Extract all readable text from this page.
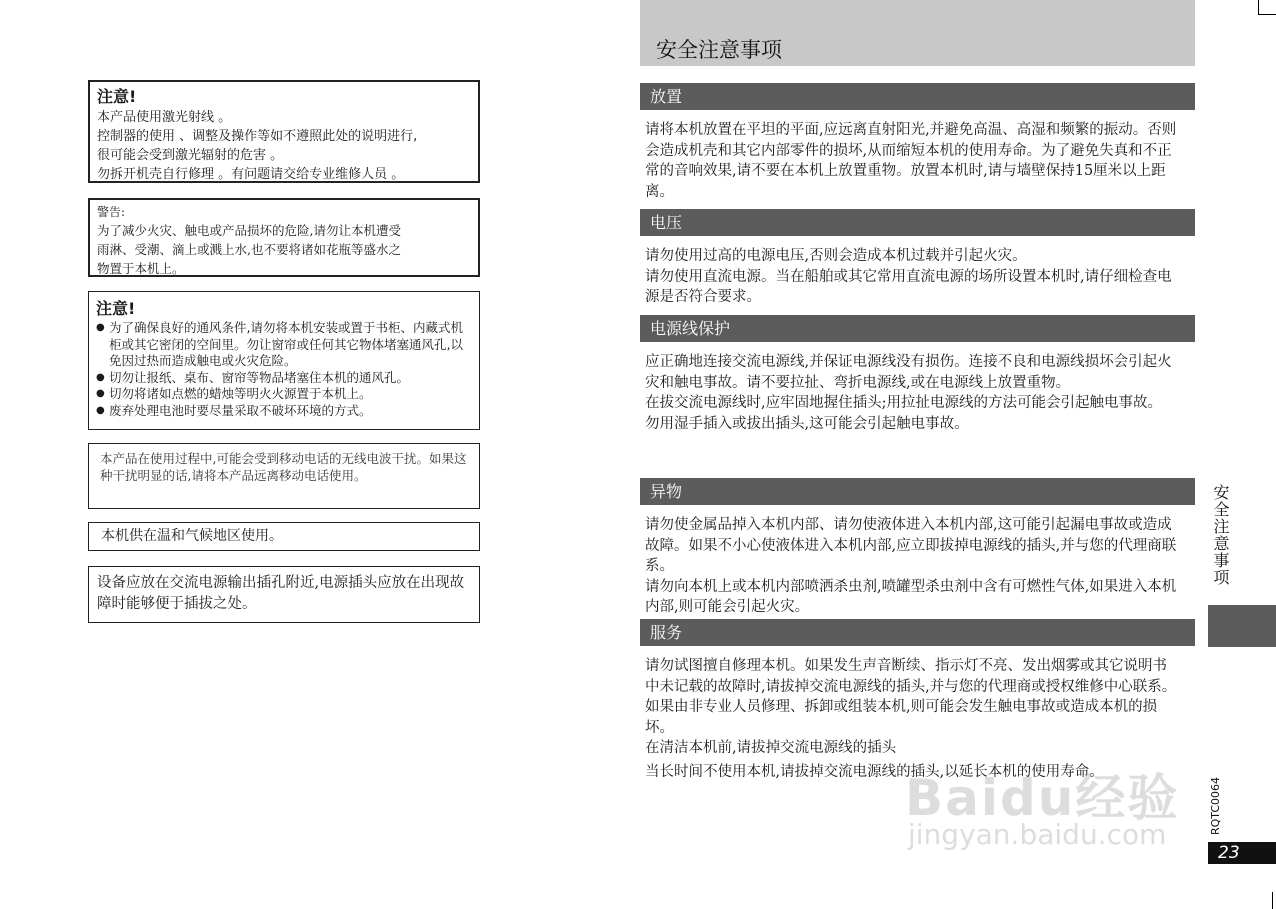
注意!

本产品使用激光射线 。

控制器的使用 、调整及操作等如不遵照此处的说明进行,

很可能会受到激光辐射的危害 。

勿拆开机壳自行修理 。有问题请交给专业维修人员 。

警告:

为了减少火灾、触电或产品损坏的危险,请勿让本机遭受

雨淋、受潮、滴上或溅上水,也不要将诸如花瓶等盛水之

物置于本机上。

注意!

● 为了确保良好的通风条件,请勿将本机安装或置于书柜、内藏式机柜或其它密闭的空间里。勿让窗帘或任何其它物体堵塞通风孔,以免因过热而造成触电或火灾危险。
● 切勿让报纸、桌布、窗帘等物品堵塞住本机的通风孔。
● 切勿将诸如点燃的蜡烛等明火火源置于本机上。
● 废弃处理电池时要尽量采取不破坏环境的方式。

本产品在使用过程中,可能会受到移动电话的无线电波干扰。如果这种干扰明显的话,请将本产品远离移动电话使用。

本机供在温和气候地区使用。

设备应放在交流电源输出插孔附近,电源插头应放在出现故障时能够便于插拔之处。

安全注意事项
放置

请将本机放置在平坦的平面,应远离直射阳光,并避免高温、高湿和频繁的振动。否则会造成机壳和其它内部零件的损坏,从而缩短本机的使用寿命。为了避免失真和不正常的音响效果,请不要在本机上放置重物。放置本机时,请与墙壁保持15厘米以上距离。

电压

请勿使用过高的电源电压,否则会造成本机过载并引起火灾。

请勿使用直流电源。当在船舶或其它常用直流电源的场所设置本机时,请仔细检查电源是否符合要求。

电源线保护

应正确地连接交流电源线,并保证电源线没有损伤。连接不良和电源线损坏会引起火灾和触电事故。请不要拉扯、弯折电源线,或在电源线上放置重物。

在拔交流电源线时,应牢固地握住插头;用拉扯电源线的方法可能会引起触电事故。

勿用湿手插入或拔出插头,这可能会引起触电事故。

异物

请勿使金属品掉入本机内部、请勿使液体进入本机内部,这可能引起漏电事故或造成故障。如果不小心使液体进入本机内部,应立即拔掉电源线的插头,并与您的代理商联系。

请勿向本机上或本机内部喷洒杀虫剂,喷罐型杀虫剂中含有可燃性气体,如果进入本机内部,则可能会引起火灾。

服务

请勿试图擅自修理本机。如果发生声音断续、指示灯不亮、发出烟雾或其它说明书中未记载的故障时,请拔掉交流电源线的插头,并与您的代理商或授权维修中心联系。如果由非专业人员修理、拆卸或组装本机,则可能会发生触电事故或造成本机的损坏。

在清洁本机前,请拔掉交流电源线的插头

当长时间不使用本机,请拔掉交流电源线的插头,以延长本机的使用寿命。
安全注意事项
RQTC0064
23
Baidu经验
jingyan.baidu.com
